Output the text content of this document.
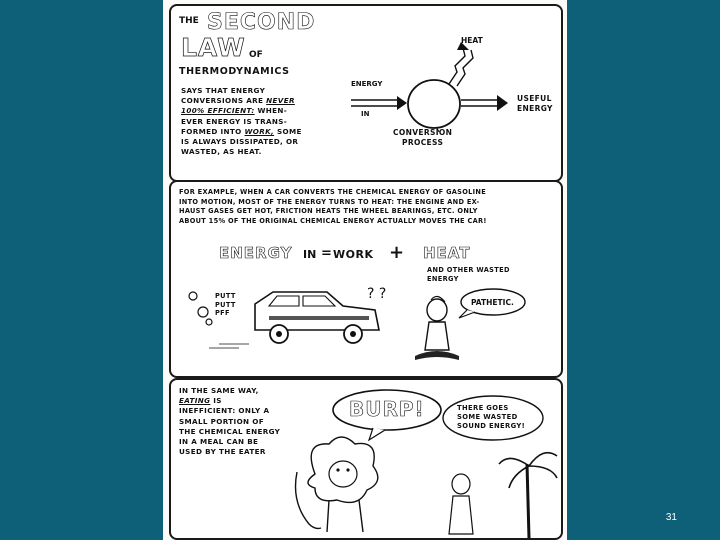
THE SECOND
LAW OF
THERMODYNAMICS
SAYS THAT ENERGY
CONVERSIONS ARE NEVER
100% EFFICIENT: WHEN-
EVER ENERGY IS TRANS-
FORMED INTO WORK, SOME
IS ALWAYS DISSIPATED, OR
WASTED, AS HEAT.
HEAT
ENERGY
IN
USEFUL
ENERGY
CONVERSION
PROCESS
FOR EXAMPLE, WHEN A CAR CONVERTS THE CHEMICAL ENERGY OF GASOLINE
INTO MOTION, MOST OF THE ENERGY TURNS TO HEAT: THE ENGINE AND EX-
HAUST GASES GET HOT, FRICTION HEATS THE WHEEL BEARINGS, ETC. ONLY
ABOUT 15% OF THE ORIGINAL CHEMICAL ENERGY ACTUALLY MOVES THE CAR!
ENERGY IN = WORK + HEAT
AND OTHER WASTED
ENERGY
PUTT
PUTT
PFF
? ?
PATHETIC.
IN THE SAME WAY,
EATING IS
INEFFICIENT: ONLY A
SMALL PORTION OF
THE CHEMICAL ENERGY
IN A MEAL CAN BE
USED BY THE EATER
BURP!	THERE GOES
SOME WASTED
SOUND ENERGY!
31
